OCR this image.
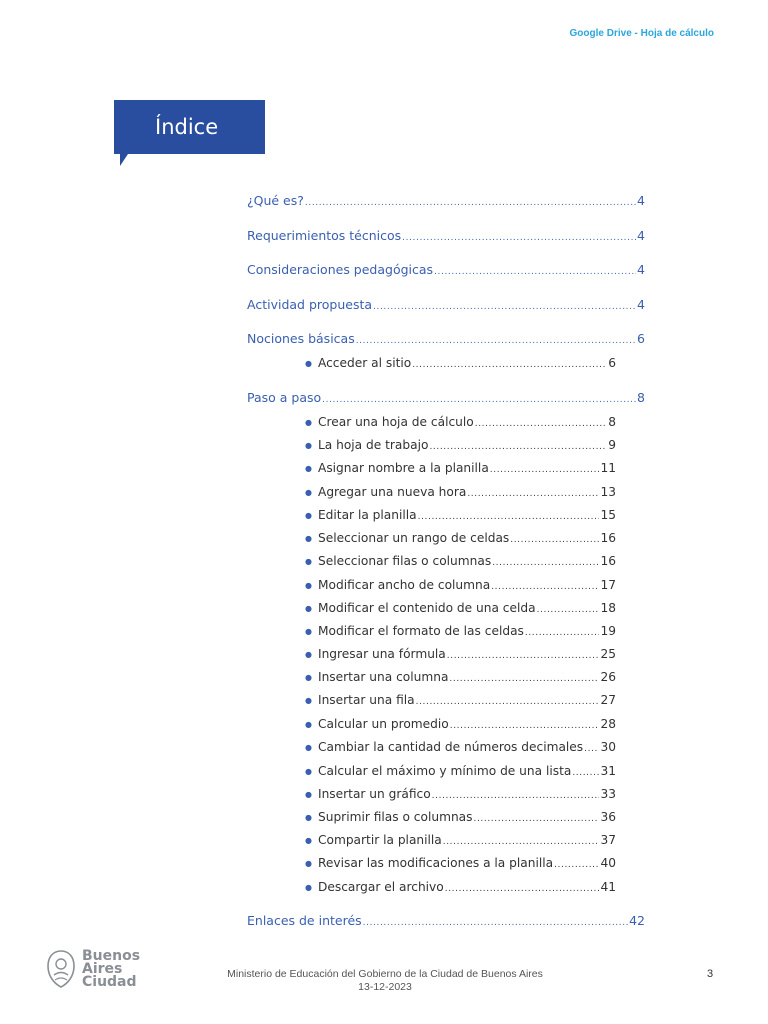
Google Drive - Hoja de cálculo
Índice
¿Qué es? .....	4
Requerimientos técnicos .....	4
Consideraciones pedagógicas .....	4
Actividad propuesta .....	4
Nociones básicas .....	6
● Acceder al sitio .....	6
Paso a paso .....	8
● Crear una hoja de cálculo .....	8
● La hoja de trabajo .....	9
● Asignar nombre a la planilla .....	11
● Agregar una nueva hora .....	13
● Editar la planilla .....	15
● Seleccionar un rango de celdas .....	16
● Seleccionar filas o columnas .....	16
● Modificar ancho de columna .....	17
● Modificar el contenido de una celda .....	18
● Modificar el formato de las celdas .....	19
● Ingresar una fórmula .....	25
● Insertar una columna .....	26
● Insertar una fila .....	27
● Calcular un promedio .....	28
● Cambiar la cantidad de números decimales ..... 30
● Calcular el máximo y mínimo de una lista ..... 31
● Insertar un gráfico .....	33
● Suprimir filas o columnas .....	36
● Compartir la planilla .....	37
● Revisar las modificaciones a la planilla .....	40
● Descargar el archivo .....	41
Enlaces de interés .....	42
Buenos
Aires
Ciudad	Ministerio de Educación del Gobierno de la Ciudad de Buenos Aires
13-12-2023
3
